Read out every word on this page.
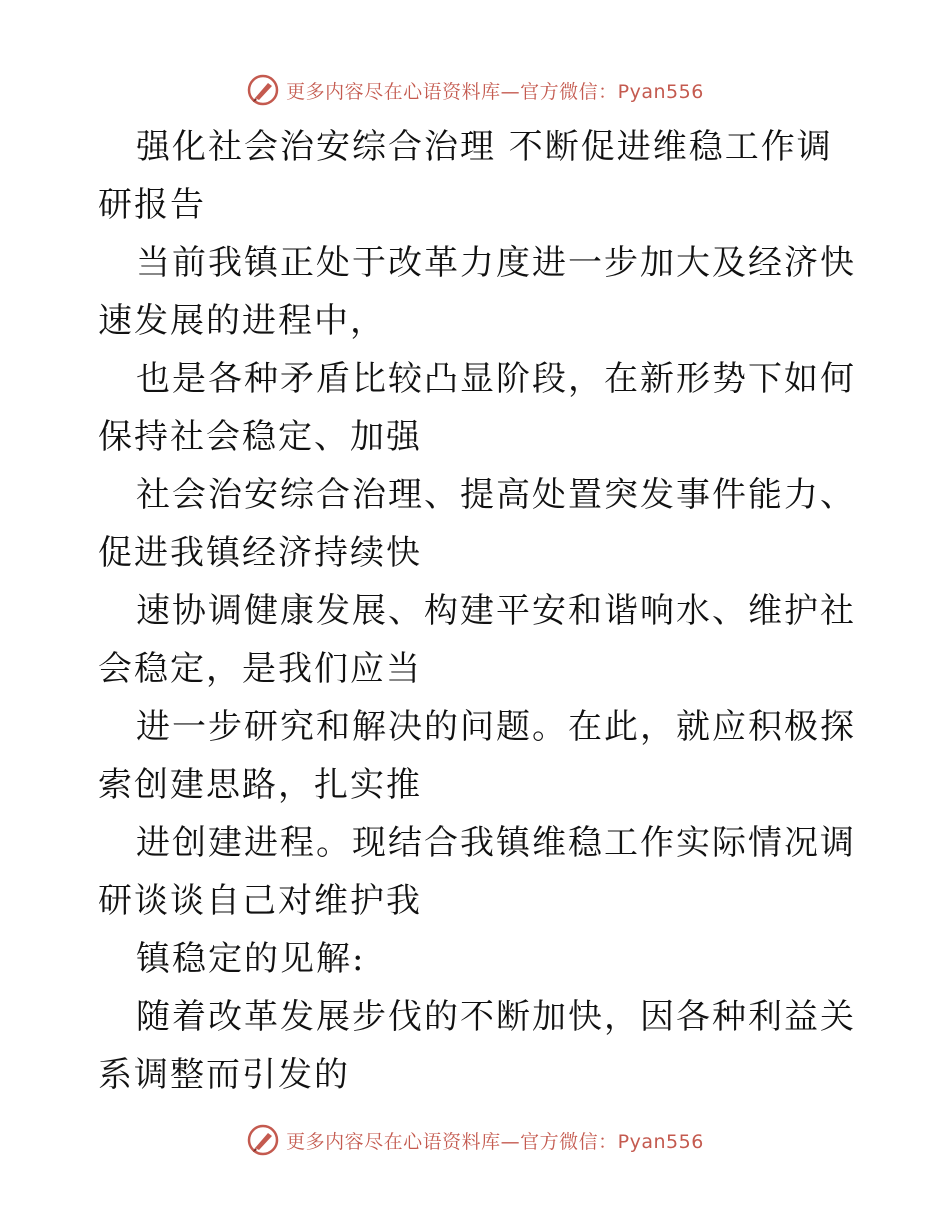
更多内容尽在心语资料库—官方微信：Pyan556

强化社会治安综合治理 不断促进维稳工作调研报告

当前我镇正处于改革力度进一步加大及经济快速发展的进程中，

也是各种矛盾比较凸显阶段，在新形势下如何保持社会稳定、加强

社会治安综合治理、提高处置突发事件能力、促进我镇经济持续快

速协调健康发展、构建平安和谐响水、维护社会稳定，是我们应当

进一步研究和解决的问题。在此，就应积极探索创建思路，扎实推

进创建进程。现结合我镇维稳工作实际情况调研谈谈自己对维护我

镇稳定的见解:

随着改革发展步伐的不断加快，因各种利益关系调整而引发的

更多内容尽在心语资料库—官方微信：Pyan556
